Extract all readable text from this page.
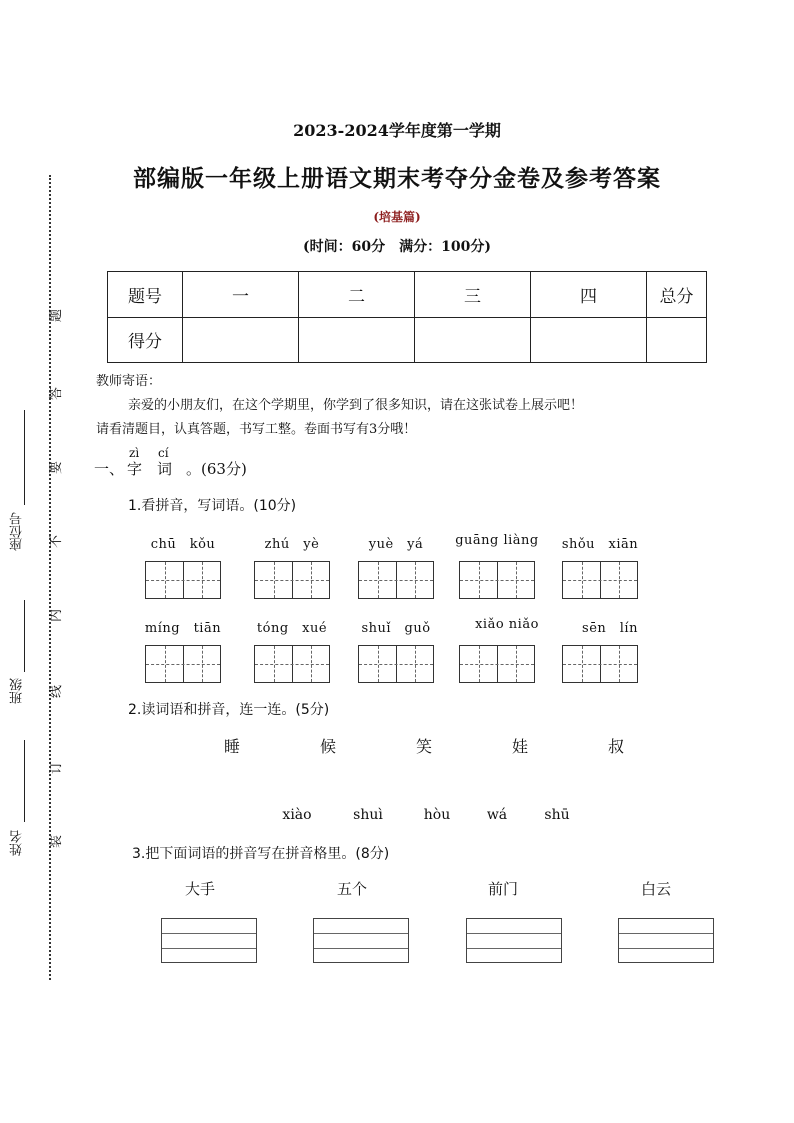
座位号
班级
姓名
题
答
要
不
内
线
订
装
2023-2024学年度第一学期
部编版一年级上册语文期末考夺分金卷及参考答案
(培基篇)
(时间：60分　满分：100分)
题号	一	二	三	四	总分
得分					
教师寄语：
亲爱的小朋友们，在这个学期里，你学到了很多知识，请在这张试卷上展示吧！
请看清题目，认真答题，书写工整。卷面书写有3分哦！
一、
zì
字
cí
词 。(63分)
1.看拼音，写词语。(10分)
chū　kǒu	zhú　yè	yuè　yá	guāng liàng	shǒu　xiān
míng　tiān	tóng　xué	shuǐ　guǒ	xiǎo niǎo	sēn　lín
2.读词语和拼音，连一连。(5分)
睡	候	笑	娃	叔
xiào	shuì	hòu	wá	shū
3.把下面词语的拼音写在拼音格里。(8分)
大手	五个	前门	白云
